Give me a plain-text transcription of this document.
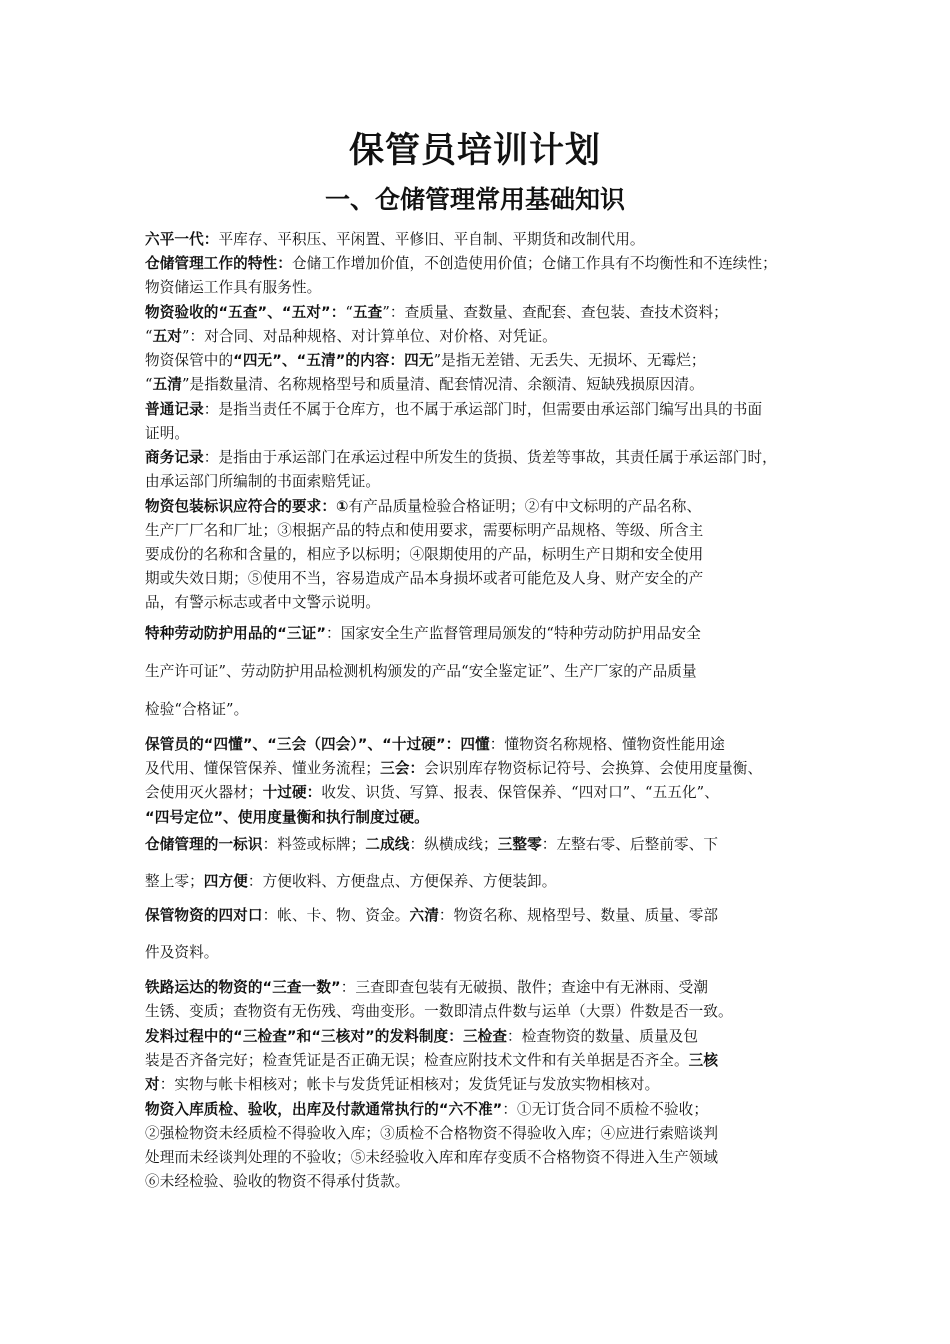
保管员培训计划
一、仓储管理常用基础知识
六平一代：平库存、平积压、平闲置、平修旧、平自制、平期货和改制代用。
仓储管理工作的特性：仓储工作增加价值，不创造使用价值；仓储工作具有不均衡性和不连续性；
物资储运工作具有服务性。
物资验收的“五查”、“五对”：“五查”：查质量、查数量、查配套、查包装、查技术资料；
“五对”：对合同、对品种规格、对计算单位、对价格、对凭证。
物资保管中的“四无”、“五清”的内容：四无”是指无差错、无丢失、无损坏、无霉烂；
“五清”是指数量清、名称规格型号和质量清、配套情况清、余额清、短缺残损原因清。
普通记录：是指当责任不属于仓库方，也不属于承运部门时，但需要由承运部门编写出具的书面
证明。
商务记录：是指由于承运部门在承运过程中所发生的货损、货差等事故，其责任属于承运部门时，
由承运部门所编制的书面索赔凭证。
物资包装标识应符合的要求：①有产品质量检验合格证明；②有中文标明的产品名称、
生产厂厂名和厂址；③根据产品的特点和使用要求，需要标明产品规格、等级、所含主
要成份的名称和含量的，相应予以标明；④限期使用的产品，标明生产日期和安全使用
期或失效日期；⑤使用不当，容易造成产品本身损坏或者可能危及人身、财产安全的产
品，有警示标志或者中文警示说明。
特种劳动防护用品的“三证”：国家安全生产监督管理局颁发的“特种劳动防护用品安全
生产许可证”、劳动防护用品检测机构颁发的产品“安全鉴定证”、生产厂家的产品质量
检验“合格证”。
保管员的“四懂”、“三会（四会）”、“十过硬”：四懂：懂物资名称规格、懂物资性能用途
及代用、懂保管保养、懂业务流程；三会：会识别库存物资标记符号、会换算、会使用度量衡、
会使用灭火器材；十过硬：收发、识货、写算、报表、保管保养、“四对口”、“五五化”、
“四号定位”、使用度量衡和执行制度过硬。
仓储管理的一标识：料签或标牌；二成线：纵横成线；三整零：左整右零、后整前零、下
整上零；四方便：方便收料、方便盘点、方便保养、方便装卸。
保管物资的四对口：帐、卡、物、资金。六清：物资名称、规格型号、数量、质量、零部
件及资料。
铁路运达的物资的“三查一数”：三查即查包装有无破损、散件；查途中有无淋雨、受潮
生锈、变质；查物资有无伤残、弯曲变形。一数即清点件数与运单（大票）件数是否一致。
发料过程中的“三检查”和“三核对”的发料制度：三检查：检查物资的数量、质量及包
装是否齐备完好；检查凭证是否正确无误；检查应附技术文件和有关单据是否齐全。三核
对：实物与帐卡相核对；帐卡与发货凭证相核对；发货凭证与发放实物相核对。
物资入库质检、验收，出库及付款通常执行的“六不准”：①无订货合同不质检不验收；
②强检物资未经质检不得验收入库；③质检不合格物资不得验收入库；④应进行索赔谈判
处理而未经谈判处理的不验收；⑤未经验收入库和库存变质不合格物资不得进入生产领域
⑥未经检验、验收的物资不得承付货款。
